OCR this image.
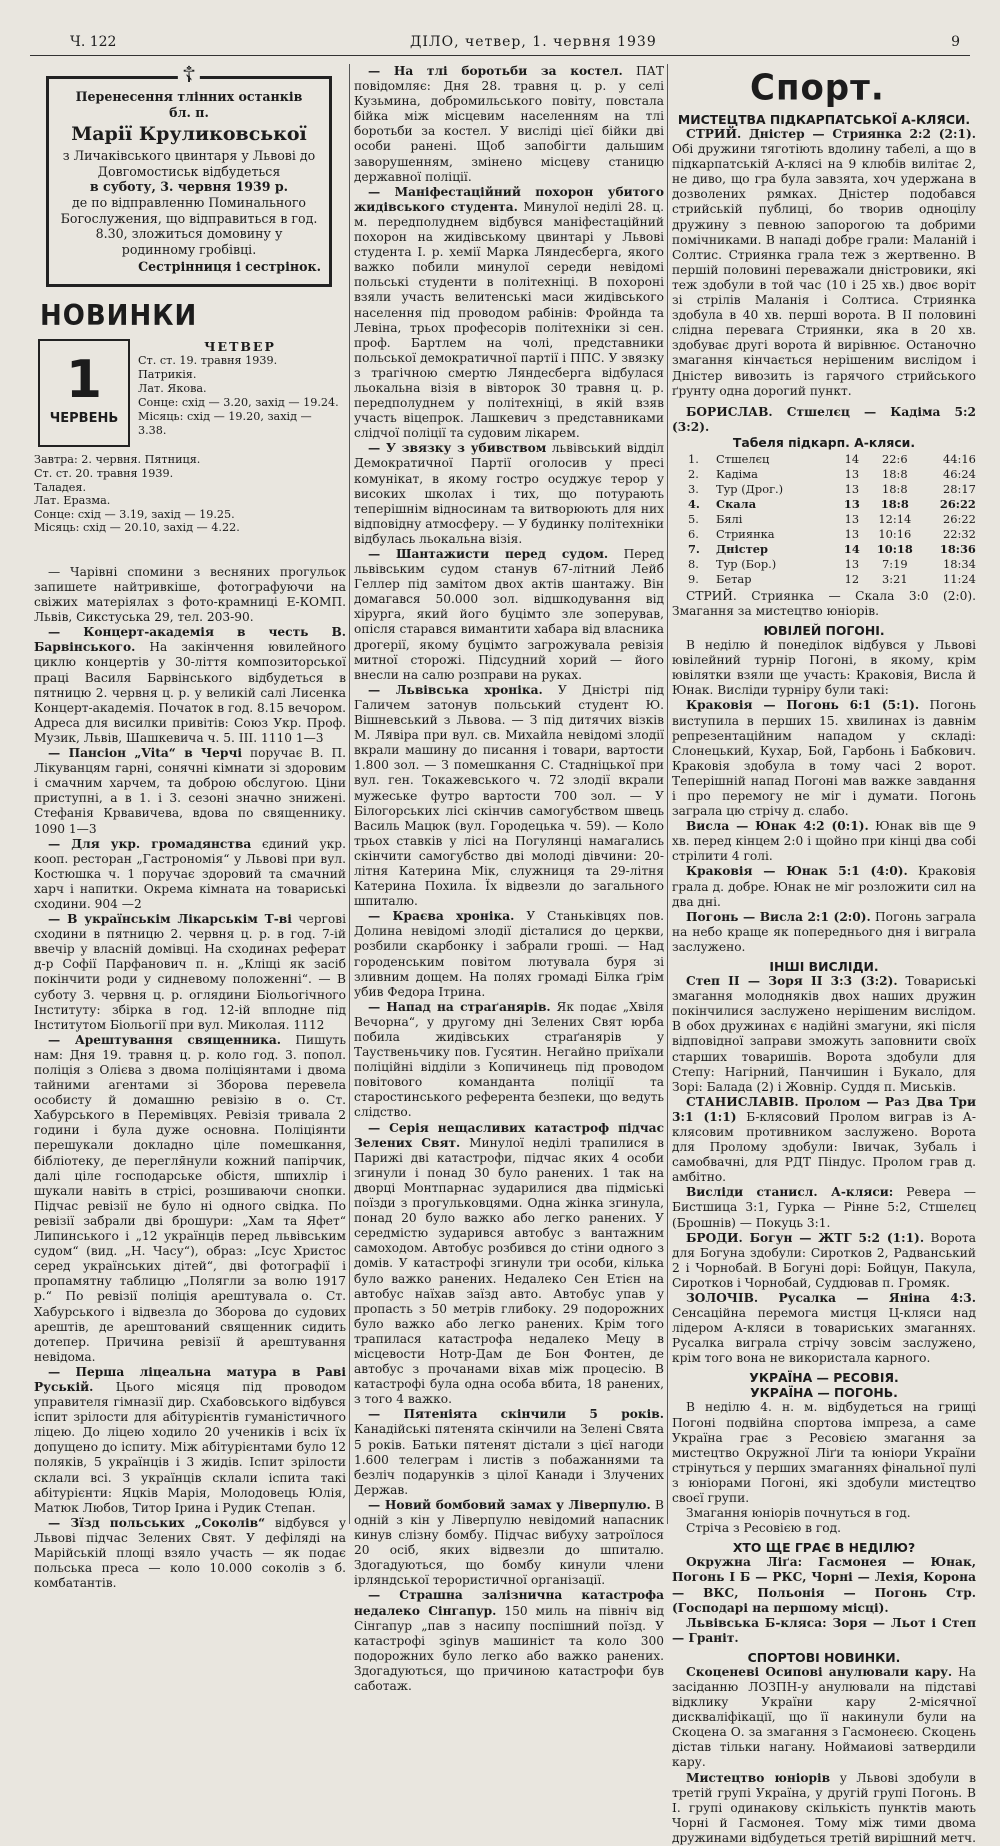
Ч. 122	ДІЛО, четвер, 1. червня 1939	9
☦
Перенесення тлінних останків
бл. п.
Марії Круликовської
з Личаківського цвинтаря у Львові до Довгомостиськ відбудеться
в суботу, 3. червня 1939 р.
де по відправленню Поминального Богослужения, що відправиться в год. 8.30, зложиться домовину у родинному гробівці.
Сестрінниця і сестрінок.
НОВИНКИ
1
ЧЕРВЕНЬ
ЧЕТВЕР
Ст. ст. 19. травня 1939.
Патрикія.
Лат. Якова.
Сонце: схід — 3.20, захід — 19.24.
Місяць: схід — 19.20, захід — 3.38.
Завтра: 2. червня. Пятниця.
Ст. ст. 20. травня 1939.
Таладея.
Лат. Еразма.
Сонце: схід — 3.19, захід — 19.25.
Місяць: схід — 20.10, захід — 4.22.

— Чарівні спомини з весняних прогульок запишете найтривкіше, фотографуючи на свіжих матеріялах з фото-крамниці Е-КОМП. Львів, Сикстуська 29, тел. 203-90.

— Концерт-академія в честь В. Барвінського. На закінчення ювилейного циклю концертів у 30-ліття композиторської праці Василя Барвінського відбудеться в пятницю 2. червня ц. р. у великій салі Лисенка Концерт-академія. Початок в год. 8.15 вечором. Адреса для висилки привітів: Союз Укр. Проф. Музик, Львів, Шашкевича ч. 5. III. 1110 1—3

— Пансіон „Vita“ в Черчі поручає В. П. Лікуванцям гарні, сонячні кімнати зі здоровим і смачним харчем, та доброю обслугою. Ціни приступні, а в 1. і 3. сезоні значно знижені. Стефанія Крвавичева, вдова по священнику. 1090 1—3

— Для укр. громадянства єдиний укр. кооп. ресторан „Гастрономія“ у Львові при вул. Костюшка ч. 1 поручає здоровий та смачний харч і напитки. Окрема кімната на товариські сходини. 904 —2

— В українськім Лікарськім Т-ві чергові сходини в пятницю 2. червня ц. р. в год. 7-ій ввечір у власній домівці. На сходинах реферат д-р Софії Парфанович п. н. „Кліщі як засіб покінчити роди у сидневому положенні“. — В суботу 3. червня ц. р. оглядини Біольогічного Інституту: збірка в год. 12-ій вплодне під Інститутом Біольогії при вул. Миколая. 1112

— Арештування священника. Пишуть нам: Дня 19. травня ц. р. коло год. 3. попол. поліція з Олієва з двома поліціянтами і двома тайними агентами зі Зборова перевела особисту й домашню ревізію в о. Ст. Хабурського в Перемівцях. Ревізія тривала 2 години і була дуже основна. Поліціянти перешукали докладно ціле помешкання, бібліотеку, де перегля̄нули кожний папірчик, далі ціле господарське обістя, шпихлір і шукали навіть в стрісі, розшиваючи снопки. Підчас ревізії не було ні одного свідка. По ревізії забрали дві брошури: „Хам та Яфет“ Липинського і „12 українців перед львівським судом“ (вид. „Н. Часу“), образ: „Ісус Христос серед українських дітей“, дві фотографії і пропамятну таблицю „Полягли за волю 1917 р.“ По ревізії поліція арештувала о. Ст. Хабурського і відвезла до Зборова до судових арештів, де арештований священник сидить дотепер. Причина ревізії й арештування невідома.

— Перша ліцеальна матура в Раві Руській. Цього місяця під проводом управителя гімназії дир. Схабовського відбувся іспит зрілости для абітурієнтів гуманістичного ліцею. До ліцею ходило 20 учеників і всіх їх допущено до іспиту. Між абітурієнтами було 12 поляків, 5 українців і 3 жидів. Іспит зрілости склали всі. З українців склали іспита такі абітурієнти: Яцків Марія, Молодовець Юлія, Матюк Любов, Титор Ірина і Рудик Степан.

— Зїзд польських „Соколів“ відбувся у Львові підчас Зелених Свят. У дефіляді на Марійській площі взяло участь — як подає польська преса — коло 10.000 соколів з б. комбатантів.

— На тлі боротьби за костел. ПАТ повідомляє: Дня 28. травня ц. р. у селі Кузьмина, добромильського повіту, повстала бійка між місцевим населенням на тлі боротьби за костел. У висліді цієї бійки дві особи ранені. Щоб запобігти дальшим заворушенням, змінено місцеву станицю державної поліції.

— Маніфестаційний похорон убитого жидівського студента. Минулої неділі 28. ц. м. передполуднем відбувся маніфестаційний похорон на жидівському цвинтарі у Львові студента І. р. хемії Марка Ляндесберга, якого важко побили минулої середи невідомі польські студенти в політехніці. В похороні взяли участь велитенські маси жидівського населення під проводом рабінів: Фройнда та Левіна, трьох професорів політехніки зі сен. проф. Бартлем на чолі, представники польської демократичної партії і ППС. У звязку з трагічною смертю Ляндесберга відбулася льокальна візія в вівторок 30 травня ц. р. передполуднем у політехніці, в якій взяв участь віцепрок. Лашкевич з представниками слідчої поліції та судовим лікарем.

— У звязку з убивством львівський відділ Демократичної Партії оголосив у пресі комунікат, в якому гостро осуджує терор у високих школах і тих, що потурають теперішнім відносинам та витворюють для них відповідну атмосферу. — У будинку політехніки відбулась льокальна візія.

— Шантажисти перед судом. Перед львівським судом станув 67-літний Лейб Геллер під замітом двох актів шантажу. Він домагався 50.000 зол. відшкодування від хірурга, який його буцімто зле зоперував, опісля старався вимантити хабара від власника дрогерії, якому буцімто загрожувала ревізія митної сторожі. Підсудний хорий — його внесли на салю розправи на руках.

— Львівська хроніка. У Дністрі під Галичем затонув польський студент Ю. Вішневський з Львова. — З під дитячих візків М. Лявіра при вул. св. Михайла невідомі злодії вкрали машину до писання і товари, вартости 1.800 зол. — З помешкання С. Стадніцької при вул. ген. Токажевського ч. 72 злодії вкрали мужеське футро вартости 700 зол. — У Білогорських лісі скінчив самогубством швець Василь Мацюк (вул. Городецька ч. 59). — Коло трьох ставків у лісі на Погулянці намагались скінчити самогубство дві молоді дівчини: 20-літня Катерина Мік, служниця та 29-літня Катерина Похила. Їх відвезли до загального шпиталю.

— Краєва хроніка. У Станьківцях пов. Долина невідомі злодії дісталися до церкви, розбили скарбонку і забрали гроші. — Над городенським повітом лютувала буря зі зливним дощем. На полях громаді Білка ґрім убив Федора Ітрина.

— Напад на страґанярів. Як подає „Хвіля Вечорна“, у другому дні Зелених Свят юрба побила жидівських страґанярів у Тауственьчику пов. Гусятин. Негайно приїхали поліційні відділи з Копичинець під проводом повітового команданта поліції та старостинського референта безпеки, що ведуть слідство.

— Серія нещасливих катастроф підчас Зелених Свят. Минулої неділі трапилися в Парижі дві катастрофи, підчас яких 4 особи згинули і понад 30 було ранених. 1 так на дворці Монтпарнас зударилися два підміські поїзди з прогульковцями. Одна жінка згинула, понад 20 було важко або легко ранених. У середмістю зударився автобус з вантажним самоходом. Автобус розбився до стіни одного з домів. У катастрофі згинули три особи, кілька було важко ранених. Недалеко Сен Етієн на автобус наїхав заїзд авто. Автобус упав у пропасть з 50 метрів глибоку. 29 подорожних було важко або легко ранених. Крім того трапилася катастрофа недалеко Мецу в місцевости Нотр-Дам де Бон Фонтен, де автобус з прочанами віхав між процесію. В катастрофі була одна особа вбита, 18 ранених, з того 4 важко.

— Пятеніята скінчили 5 років. Канадійські пятенята скінчили на Зелені Свята 5 років. Батьки пятенят дістали з цієї нагоди 1.600 телеграм і листів з побажаннями та безліч подарунків з цілої Канади і Злучених Держав.

— Новий бомбовий замах у Ліверпулю. В одній з кін у Ліверпулю невідомий напасник кинув слізну бомбу. Підчас вибуху затроїлося 20 осіб, яких відвезли до шпиталю. Здогадуються, що бомбу кинули члени ірляндської терористичної організації.

— Страшна залізнична катастрофа недалеко Сінгапур. 150 миль на північ від Сінгапур „пав з насипу поспішний поїзд. У катастрофі зginув машиніст та коло 300 подорожних було легко або важко ранених. Здогадуються, що причиною катастрофи був саботаж.

Спорт.
МИСТЕЦТВА ПІДКАРПАТСЬКОЇ А-КЛЯСИ.

СТРИЙ. Дністер — Стриянка 2:2 (2:1). Обі дружини тяготіють вдолину табелі, а що в підкарпатській А-клясі на 9 клюбів вилітає 2, не диво, що гра була завзята, хоч удержана в дозволених рямках. Дністер подобався стрийській публиці, бо творив одноцілу дружину з певною запорогою та добрими помічниками. В нападі добре грали: Маланій і Солтис. Стриянка грала теж з жертвенно. В першій половині переважали дністровики, які теж здобули в той час (10 і 25 хв.) двоє воріт зі стрілів Маланія і Солтиса. Стриянка здобула в 40 хв. перші ворота. В II половині слідна перевага Стриянки, яка в 20 хв. здобуває другі ворота й вирівнює. Останочно змагання кінчається нерішеним вислідом і Дністер вивозить із гарячого стрийського ґрунту одна дорогий пункт.

БОРИСЛАВ. Стшелєц — Кадіма 5:2 (3:2).

Табеля підкарп. А-кляси.
1.	Стшелєц	14	22:6	44:16
2.	Кадіма	13	18:8	46:24
3.	Тур (Дрог.)	13	18:8	28:17
4.	Скала	13	18:8	26:22
5.	Бялі	13	12:14	26:22
6.	Стриянка	13	10:16	22:32
7.	Дністер	14	10:18	18:36
8.	Тур (Бор.)	13	7:19	18:34
9.	Бетар	12	3:21	11:24

СТРИЙ. Стриянка — Скала 3:0 (2:0). Змагання за мистецтво юніорів.

ЮВІЛЕЙ ПОГОНІ.

В неділю й понеділок відбувся у Львові ювілейний турнір Погоні, в якому, крім ювілятки взяли ще участь: Краковія, Висла й Юнак. Висліди турніру були такі:

Краковія — Погонь 6:1 (5:1). Погонь виступила в перших 15. хвилинах із давнім репрезентаційним нападом у складі: Слонецький, Кухар, Бой, Гарбонь і Бабкович. Краковія здобула в тому часі 2 ворот. Теперішній напад Погоні мав важке завдання і про перемогу не міг і думати. Погонь заграла цю стрічу д. слабо.

Висла — Юнак 4:2 (0:1). Юнак вів ще 9 хв. перед кінцем 2:0 і щойно при кінці два собі стрілити 4 голі.

Краковія — Юнак 5:1 (4:0). Краковія грала д. добре. Юнак не міг розложити сил на два дні.

Погонь — Висла 2:1 (2:0). Погонь заграла на небо краще як попереднього дня і виграла заслужено.

ІНШІ ВИСЛІДИ.

Степ II — Зоря II 3:3 (3:2). Товариські змагання молодняків двох наших дружин покінчилися заслужено нерішеним вислідом. В обох дружинах є надійні змагуни, які після відповідної заправи зможуть заповнити своїх старших товаришів. Ворота здобули для Степу: Нагірний, Панчишин і Букало, для Зорі: Балада (2) і Жовнір. Суддя п. Миськів.

СТАНИСЛАВІВ. Пролом — Раз Два Три 3:1 (1:1) Б-клясовий Пролом виграв із А-клясовим противником заслужено. Ворота для Пролому здобули: Івичак, Зубаль і самобвачні, для РДТ Піндус. Пролом грав д. амбітно.

Висліди станисл. А-кляси: Ревера — Бистшица 3:1, Гурка — Рінне 5:2, Стшелєц (Брошнів) — Покуць 3:1.

БРОДИ. Богун — ЖТГ 5:2 (1:1). Ворота для Богуна здобули: Сироткoв 2, Радванський 2 і Чорнобай. В Богуні дорі: Бойцун, Пакула, Сироткoв і Чорнобай, Суддював п. Громяк.

ЗОЛОЧІВ. Русалка — Яніна 4:3. Сенсаційна перемога мистця Ц-кляси над лідером А-кляси в товариських змаганнях. Русалка виграла стрічу зовсім заслужено, крім того вона не використала карного.

УКРАЇНА — РЕСОВІЯ.
УКРАЇНА — ПОГОНЬ.

В неділю 4. н. м. відбудеться на грищі Погоні подвійна спортова імпреза, а саме Україна грає з Ресовією змагання за мистецтво Окружної Ліґи та юніори України стрінуться у перших змаганнях фінальної пулі з юніорами Погоні, які здобули мистецтво своєї групи.

Змагання юніорів почнуться в год.

Стріча з Ресовією в год.

ХТО ЩЕ ГРАЄ В НЕДІЛЮ?

Окружна Ліґа: Гасмонея — Юнак, Погонь І Б — РКС, Чорні — Лехія, Корона — ВКС, Польонія — Погонь Стр. (Господарі на першому місці).

Львівська Б-кляса: Зоря — Льот і Степ — Граніт.

СПОРТОВІ НОВИНКИ.

Скоценеві Осипові анулювали кару. На засіданню ЛОЗПН-у анулювали на підставі відкликy України кару 2-місячної дискваліфікації, що її накинули були на Скоцена О. за змагання з Гасмонеєю. Скоцень дістав тільки наганy. Ноймаиові затвердили кару.

Мистецтво юніорів у Львові здобули в третій групі Україна, у другій групі Погонь. В І. групі одинакову скількість пунктів мають Чорні й Гасмонея. Тому між тими двома дружинами відбудеться третій вирішний метч.
